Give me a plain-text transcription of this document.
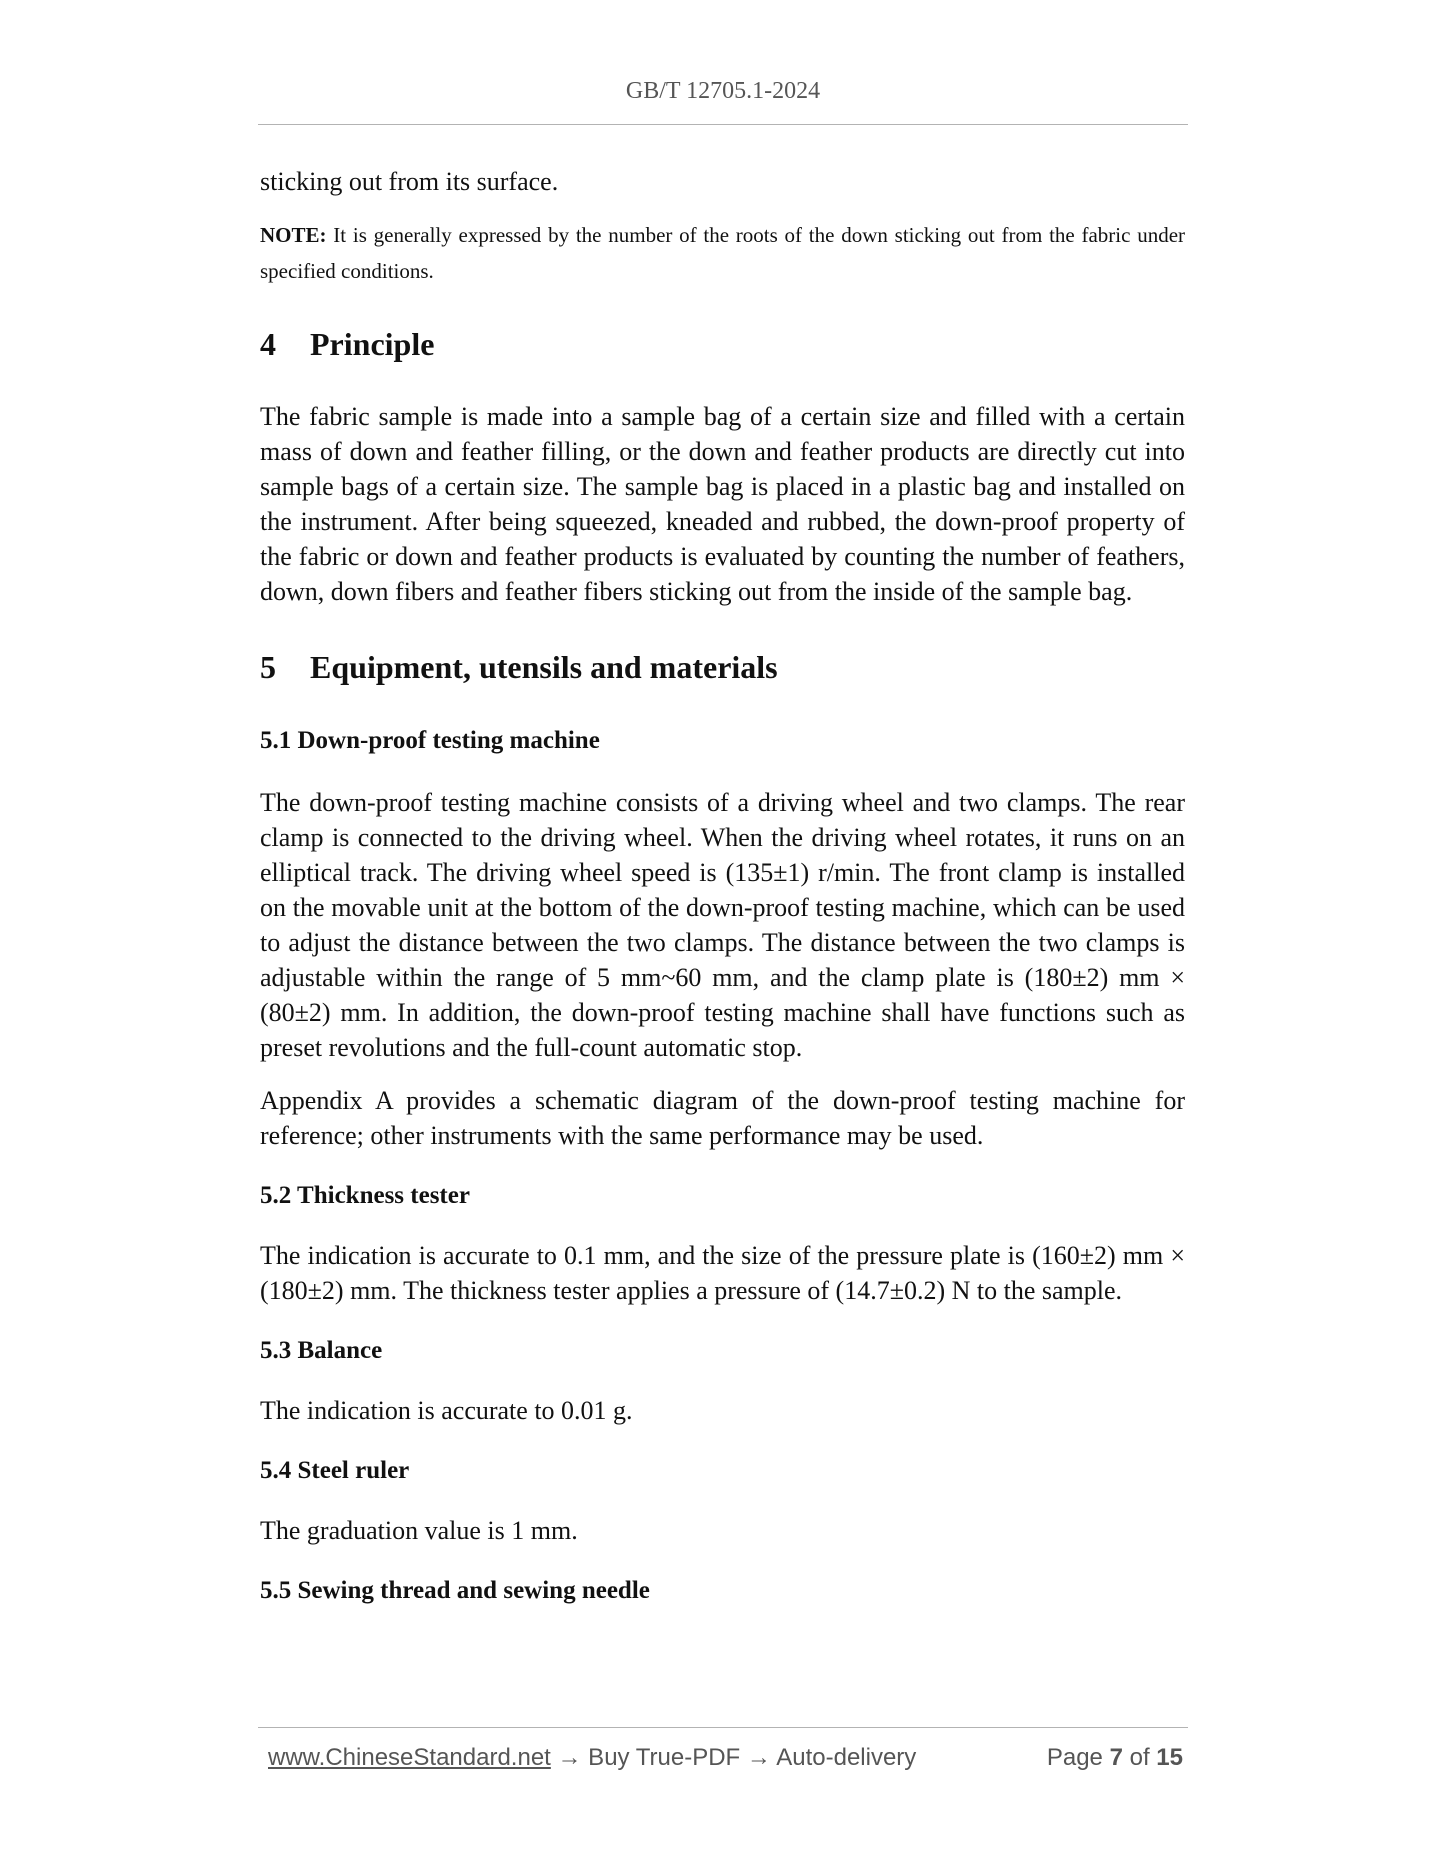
GB/T 12705.1-2024

sticking out from its surface.

NOTE: It is generally expressed by the number of the roots of the down sticking out from the fabric under specified conditions.

4 Principle

The fabric sample is made into a sample bag of a certain size and filled with a certain mass of down and feather filling, or the down and feather products are directly cut into sample bags of a certain size. The sample bag is placed in a plastic bag and installed on the instrument. After being squeezed, kneaded and rubbed, the down-proof property of the fabric or down and feather products is evaluated by counting the number of feathers, down, down fibers and feather fibers sticking out from the inside of the sample bag.

5 Equipment, utensils and materials
5.1 Down-proof testing machine

The down-proof testing machine consists of a driving wheel and two clamps. The rear clamp is connected to the driving wheel. When the driving wheel rotates, it runs on an elliptical track. The driving wheel speed is (135±1) r/min. The front clamp is installed on the movable unit at the bottom of the down-proof testing machine, which can be used to adjust the distance between the two clamps. The distance between the two clamps is adjustable within the range of 5 mm~60 mm, and the clamp plate is (180±2) mm × (80±2) mm. In addition, the down-proof testing machine shall have functions such as preset revolutions and the full-count automatic stop.

Appendix A provides a schematic diagram of the down-proof testing machine for reference; other instruments with the same performance may be used.

5.2 Thickness tester

The indication is accurate to 0.1 mm, and the size of the pressure plate is (160±2) mm × (180±2) mm. The thickness tester applies a pressure of (14.7±0.2) N to the sample.

5.3 Balance

The indication is accurate to 0.01 g.

5.4 Steel ruler

The graduation value is 1 mm.

5.5 Sewing thread and sewing needle
www.ChineseStandard.net → Buy True-PDF → Auto-delivery	Page 7 of 15
